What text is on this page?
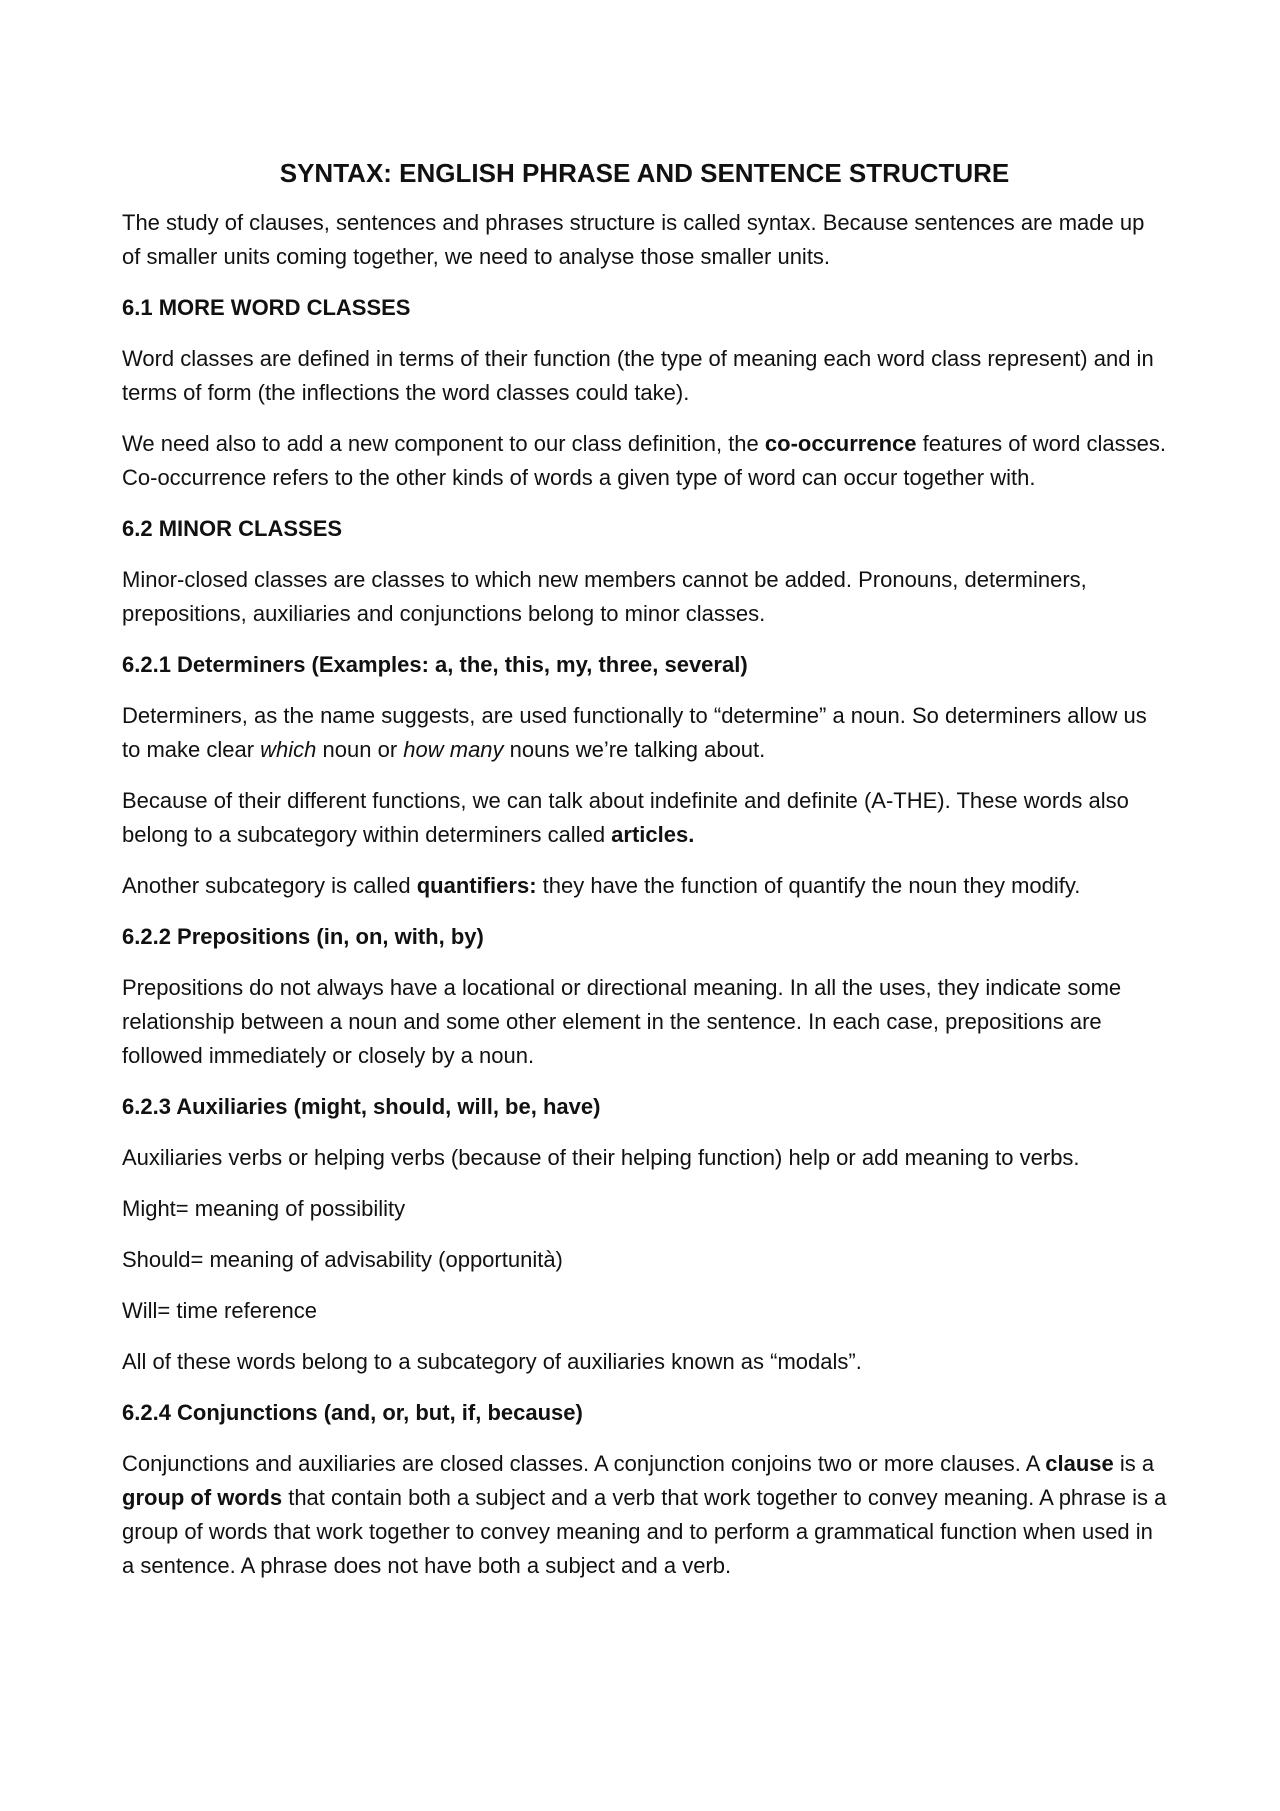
SYNTAX: ENGLISH PHRASE AND SENTENCE STRUCTURE

The study of clauses, sentences and phrases structure is called syntax. Because sentences are made up of smaller units coming together, we need to analyse those smaller units.

6.1 MORE WORD CLASSES

Word classes are defined in terms of their function (the type of meaning each word class represent) and in terms of form (the inflections the word classes could take).

We need also to add a new component to our class definition, the co-occurrence features of word classes. Co-occurrence refers to the other kinds of words a given type of word can occur together with.

6.2 MINOR CLASSES

Minor-closed classes are classes to which new members cannot be added. Pronouns, determiners, prepositions, auxiliaries and conjunctions belong to minor classes.

6.2.1 Determiners (Examples: a, the, this, my, three, several)

Determiners, as the name suggests, are used functionally to “determine” a noun. So determiners allow us to make clear which noun or how many nouns we’re talking about.

Because of their different functions, we can talk about indefinite and definite (A-THE). These words also belong to a subcategory within determiners called articles.

Another subcategory is called quantifiers: they have the function of quantify the noun they modify.

6.2.2 Prepositions (in, on, with, by)

Prepositions do not always have a locational or directional meaning. In all the uses, they indicate some relationship between a noun and some other element in the sentence. In each case, prepositions are followed immediately or closely by a noun.

6.2.3 Auxiliaries (might, should, will, be, have)

Auxiliaries verbs or helping verbs (because of their helping function) help or add meaning to verbs.

Might= meaning of possibility

Should= meaning of advisability (opportunità)

Will= time reference

All of these words belong to a subcategory of auxiliaries known as “modals”.

6.2.4 Conjunctions (and, or, but, if, because)

Conjunctions and auxiliaries are closed classes. A conjunction conjoins two or more clauses. A clause is a group of words that contain both a subject and a verb that work together to convey meaning. A phrase is a group of words that work together to convey meaning and to perform a grammatical function when used in a sentence. A phrase does not have both a subject and a verb.
